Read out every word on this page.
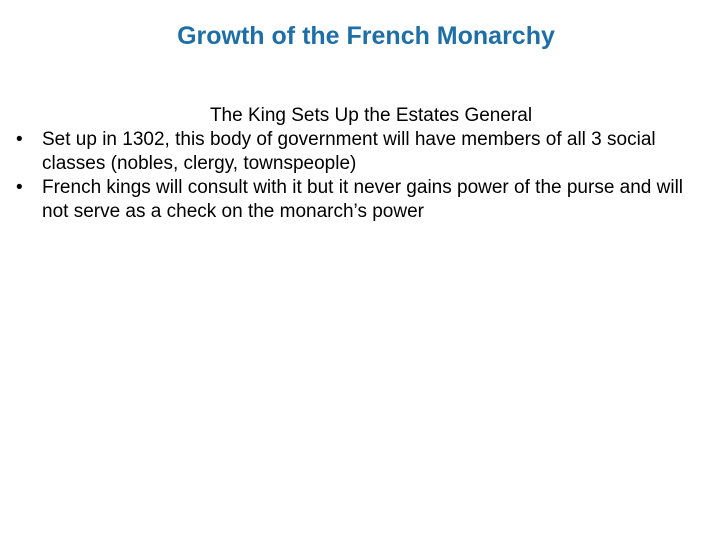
Growth of the French Monarchy

The King Sets Up the Estates General

•	Set up in 1302, this body of government will have members of all 3 social classes (nobles, clergy, townspeople)
•	French kings will consult with it but it never gains power of the purse and will not serve as a check on the monarch’s power
